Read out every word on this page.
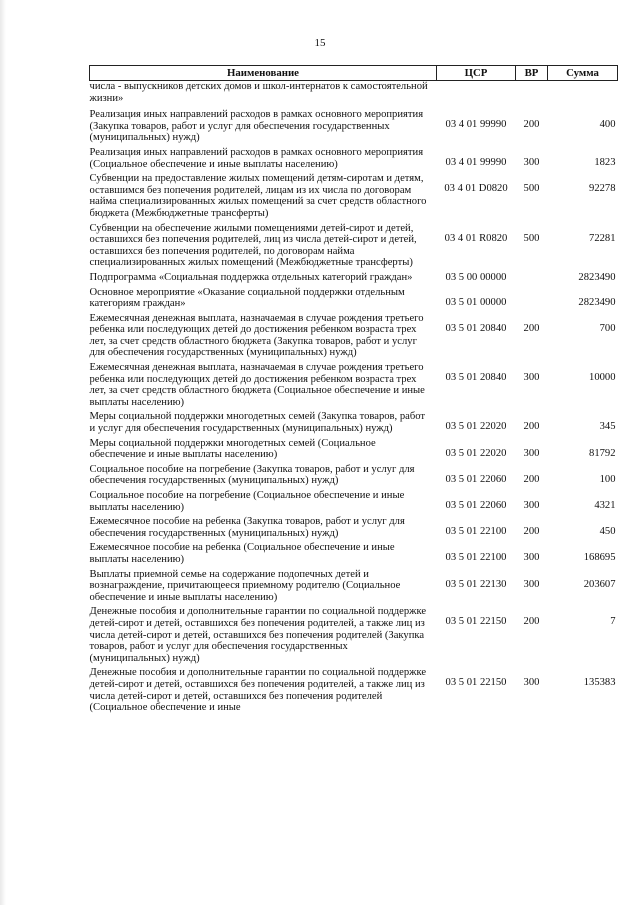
15
Наименование	ЦСР	ВР	Сумма
числа - выпускников детских домов и школ-интернатов к самостоятельной жизни»			
Реализация иных направлений расходов в рамках основного мероприятия (Закупка товаров, работ и услуг для обеспечения государственных (муниципальных) нужд)	03 4 01 99990	200	400
Реализация иных направлений расходов в рамках основного мероприятия (Социальное обеспечение и иные выплаты населению)	03 4 01 99990	300	1823
Субвенции на предоставление жилых помещений детям-сиротам и детям, оставшимся без попечения родителей, лицам из их числа по договорам найма специализированных жилых помещений за счет средств областного бюджета (Межбюджетные трансферты)	03 4 01 D0820	500	92278
Субвенции на обеспечение жилыми помещениями детей-сирот и детей, оставшихся без попечения родителей, лиц из числа детей-сирот и детей, оставшихся без попечения родителей, по договорам найма специализированных жилых помещений (Межбюджетные трансферты)	03 4 01 R0820	500	72281
Подпрограмма «Социальная поддержка отдельных категорий граждан»	03 5 00 00000		2823490
Основное мероприятие «Оказание социальной поддержки отдельным категориям граждан»	03 5 01 00000		2823490
Ежемесячная денежная выплата, назначаемая в случае рождения третьего ребенка или последующих детей до достижения ребенком возраста трех лет, за счет средств областного бюджета (Закупка товаров, работ и услуг для обеспечения государственных (муниципальных) нужд)	03 5 01 20840	200	700
Ежемесячная денежная выплата, назначаемая в случае рождения третьего ребенка или последующих детей до достижения ребенком возраста трех лет, за счет средств областного бюджета (Социальное обеспечение и иные выплаты населению)	03 5 01 20840	300	10000
Меры социальной поддержки многодетных семей (Закупка товаров, работ и услуг для обеспечения государственных (муниципальных) нужд)	03 5 01 22020	200	345
Меры социальной поддержки многодетных семей (Социальное обеспечение и иные выплаты населению)	03 5 01 22020	300	81792
Социальное пособие на погребение (Закупка товаров, работ и услуг для обеспечения государственных (муниципальных) нужд)	03 5 01 22060	200	100
Социальное пособие на погребение (Социальное обеспечение и иные выплаты населению)	03 5 01 22060	300	4321
Ежемесячное пособие на ребенка (Закупка товаров, работ и услуг для обеспечения государственных (муниципальных) нужд)	03 5 01 22100	200	450
Ежемесячное пособие на ребенка (Социальное обеспечение и иные выплаты населению)	03 5 01 22100	300	168695
Выплаты приемной семье на содержание подопечных детей и вознаграждение, причитающееся приемному родителю (Социальное обеспечение и иные выплаты населению)	03 5 01 22130	300	203607
Денежные пособия и дополнительные гарантии по социальной поддержке детей-сирот и детей, оставшихся без попечения родителей, а также лиц из числа детей-сирот и детей, оставшихся без попечения родителей (Закупка товаров, работ и услуг для обеспечения государственных (муниципальных) нужд)	03 5 01 22150	200	7
Денежные пособия и дополнительные гарантии по социальной поддержке детей-сирот и детей, оставшихся без попечения родителей, а также лиц из числа детей-сирот и детей, оставшихся без попечения родителей (Социальное обеспечение и иные	03 5 01 22150	300	135383
